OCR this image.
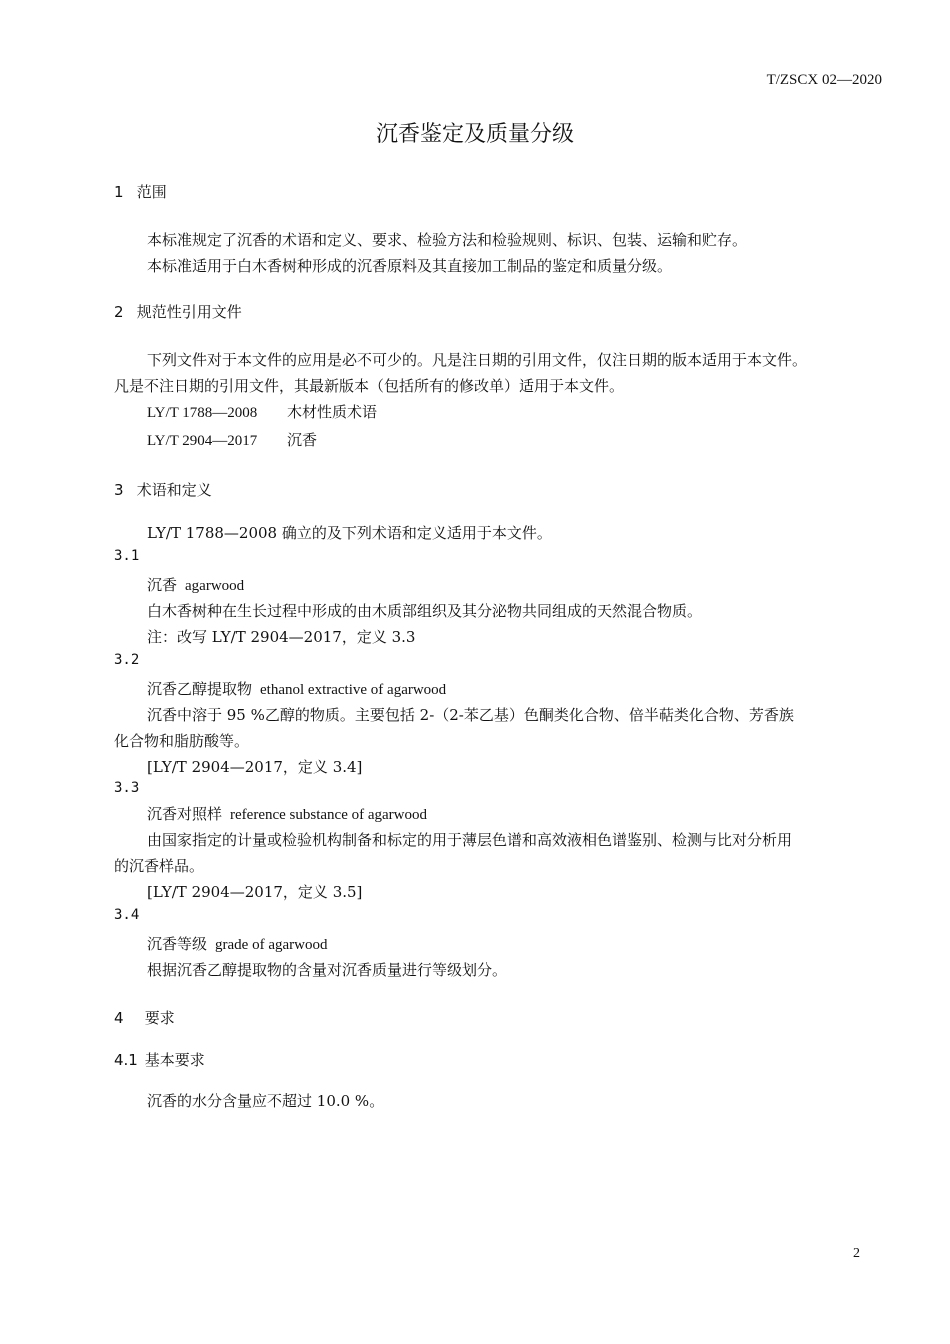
T/ZSCX 02—2020
沉香鉴定及质量分级
1 范围
本标准规定了沉香的术语和定义、要求、检验方法和检验规则、标识、包装、运输和贮存。
本标准适用于白木香树种形成的沉香原料及其直接加工制品的鉴定和质量分级。
2 规范性引用文件
下列文件对于本文件的应用是必不可少的。凡是注日期的引用文件，仅注日期的版本适用于本文件。
凡是不注日期的引用文件，其最新版本（包括所有的修改单）适用于本文件。
LY/T 1788—2008 木材性质术语
LY/T 2904—2017 沉香
3 术语和定义
LY/T 1788—2008 确立的及下列术语和定义适用于本文件。
3.1
沉香 agarwood
白木香树种在生长过程中形成的由木质部组织及其分泌物共同组成的天然混合物质。
注：改写 LY/T 2904—2017，定义 3.3
3.2
沉香乙醇提取物 ethanol extractive of agarwood
沉香中溶于 95 %乙醇的物质。主要包括 2-（2-苯乙基）色酮类化合物、倍半萜类化合物、芳香族
化合物和脂肪酸等。
[LY/T 2904—2017，定义 3.4]
3.3
沉香对照样 reference substance of agarwood
由国家指定的计量或检验机构制备和标定的用于薄层色谱和高效液相色谱鉴别、检测与比对分析用
的沉香样品。
[LY/T 2904—2017，定义 3.5]
3.4
沉香等级 grade of agarwood
根据沉香乙醇提取物的含量对沉香质量进行等级划分。
4 要求
4.1 基本要求
沉香的水分含量应不超过 10.0 %。
2
